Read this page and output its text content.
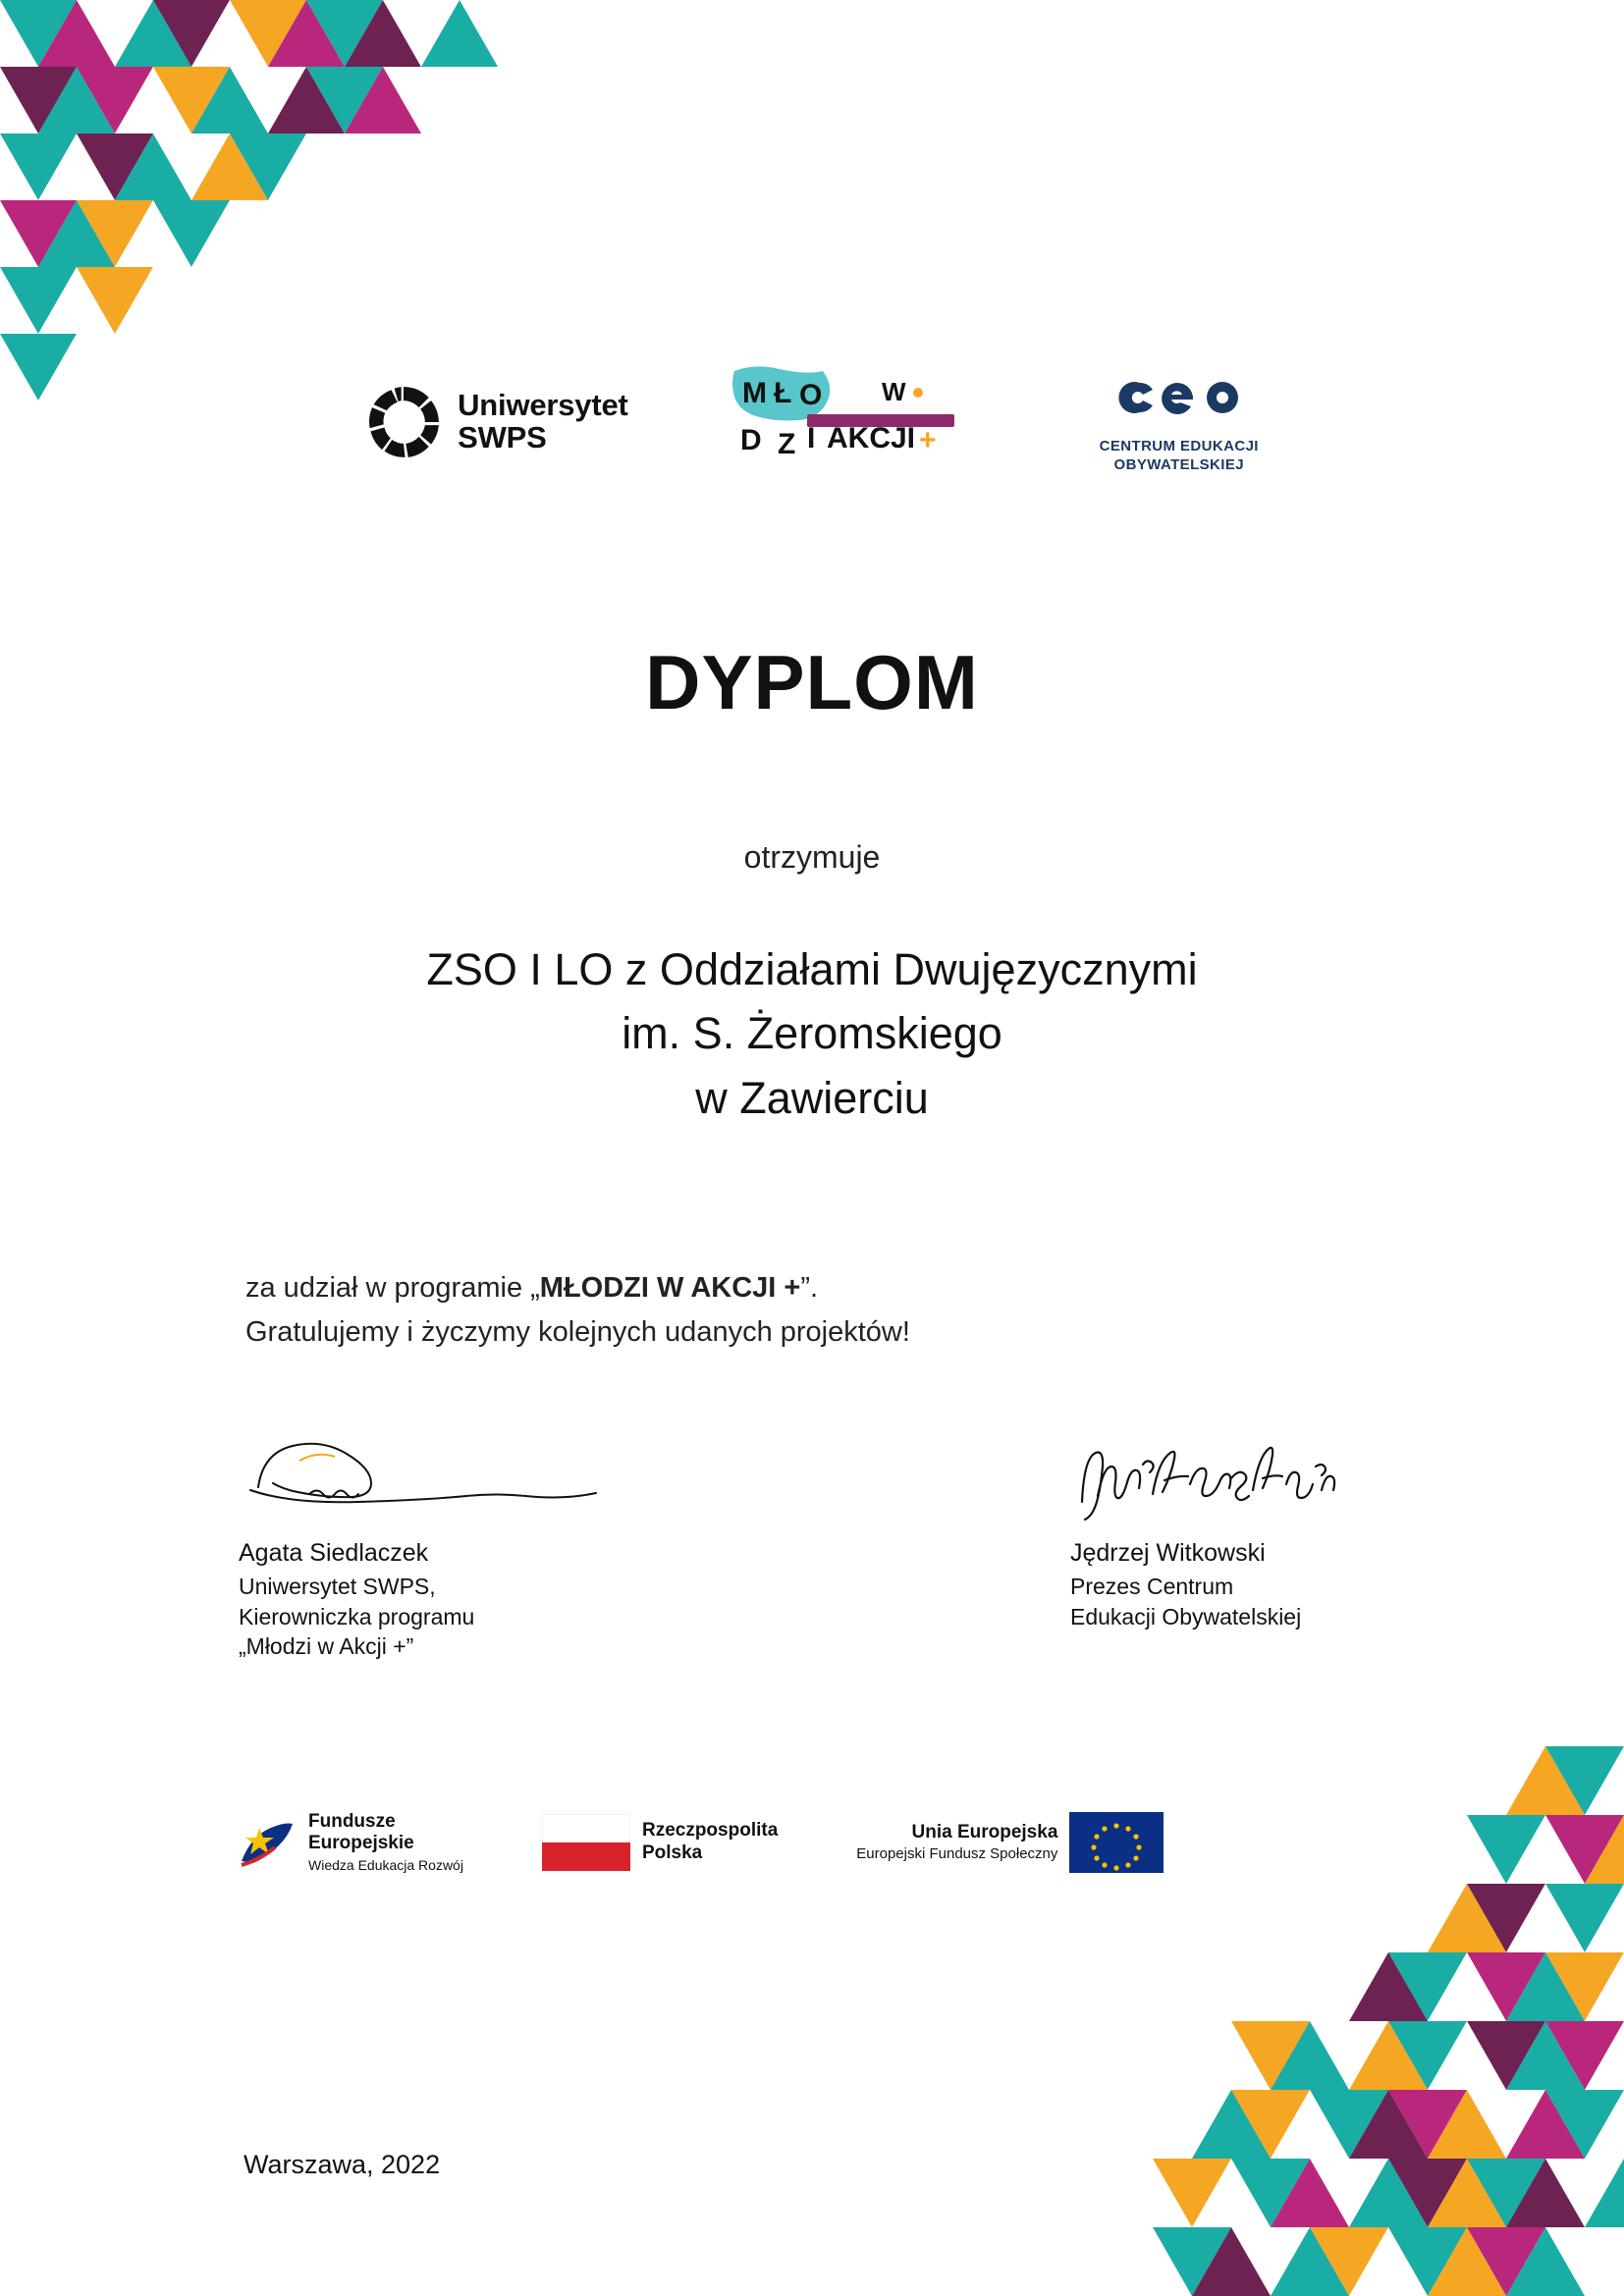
Uniwersytet
SWPS
M Ł O W
D Z I AKCJI +	CENTRUM EDUKACJI
OBYWATELSKIEJ
DYPLOM
otrzymuje
ZSO I LO z Oddziałami Dwujęzycznymi
im. S. Żeromskiego
w Zawierciu
za udział w programie „MŁODZI W AKCJI +”.
Gratulujemy i życzymy kolejnych udanych projektów!
Agata Siedlaczek
Uniwersytet SWPS,
Kierowniczka programu
„Młodzi w Akcji +”
Jędrzej Witkowski
Prezes Centrum
Edukacji Obywatelskiej
Fundusze
Europejskie
Wiedza Edukacja Rozwój
Rzeczpospolita
Polska
Unia Europejska
Europejski Fundusz Społeczny
Warszawa, 2022
